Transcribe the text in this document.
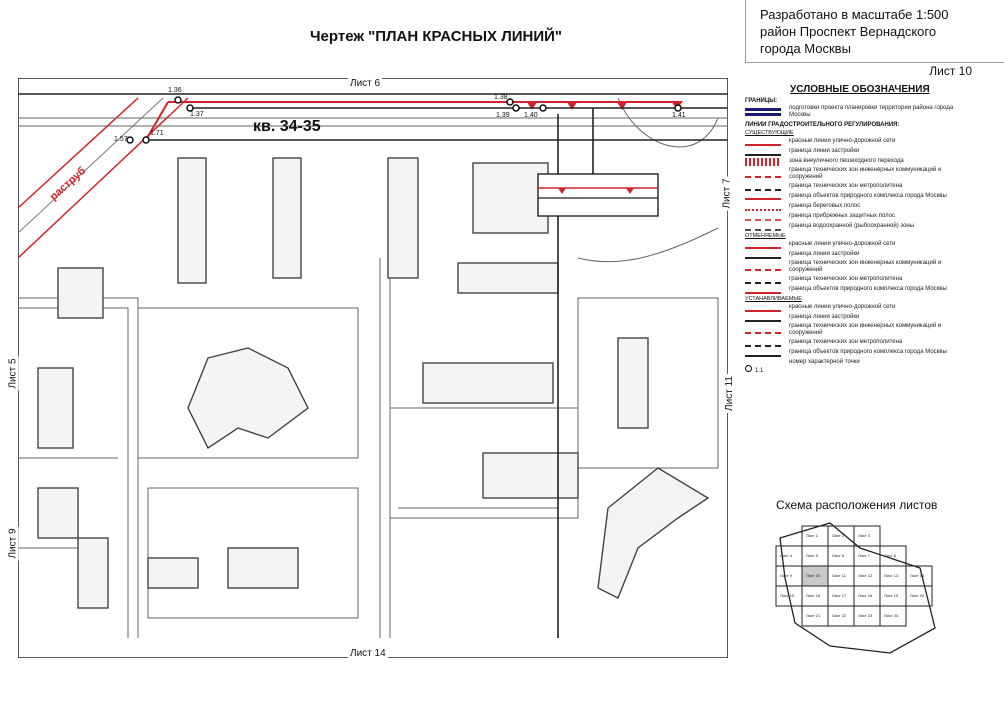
Чертеж "ПЛАН КРАСНЫХ ЛИНИЙ"
Разработано в масштабе 1:500
район Проспект Вернадского
города Москвы
Лист 10
1.36
1.37
1.38
1.39 1.40	1.41
1.57
1.71	кв. 34-35
раструб
Лист 6
Лист 14
Лист 5
Лист 9
Лист 7
Лист 11
УСЛОВНЫЕ ОБОЗНАЧЕНИЯ
ГРАНИЦЫ:
подготовки проекта планировки территории района города Москвы
ЛИНИИ ГРАДОСТРОИТЕЛЬНОГО РЕГУЛИРОВАНИЯ:
СУЩЕСТВУЮЩИЕ
красные линии улично-дорожной сети
граница линии застройки
зона внеуличного пешеходного перехода
граница технических зон инженерных коммуникаций и сооружений
граница технических зон метрополитена
граница объектов природного комплекса города Москвы
граница береговых полос
граница прибрежных защитных полос
граница водоохранной (рыбоохранной) зоны
ОТМЕНЯЕМЫЕ
красные линии улично-дорожной сети
граница линии застройки
граница технических зон инженерных коммуникаций и сооружений
граница технических зон метрополитена
граница объектов природного комплекса города Москвы
УСТАНАВЛИВАЕМЫЕ
красные линии улично-дорожной сети
граница линии застройки
граница технических зон инженерных коммуникаций и сооружений
граница технических зон метрополитена
граница объектов природного комплекса города Москвы
1.1
номер характерной точки
Схема расположения листов
Лист 1	Лист 2	Лист 3
Лист 4	Лист 5	Лист 6	Лист 7	Лист 8
Лист 9	Лист 10	Лист 11	Лист 12	Лист 13	Лист 14
Лист 15	Лист 16	Лист 17	Лист 18	Лист 19	Лист 20
Лист 21	Лист 22	Лист 23	Лист 24
